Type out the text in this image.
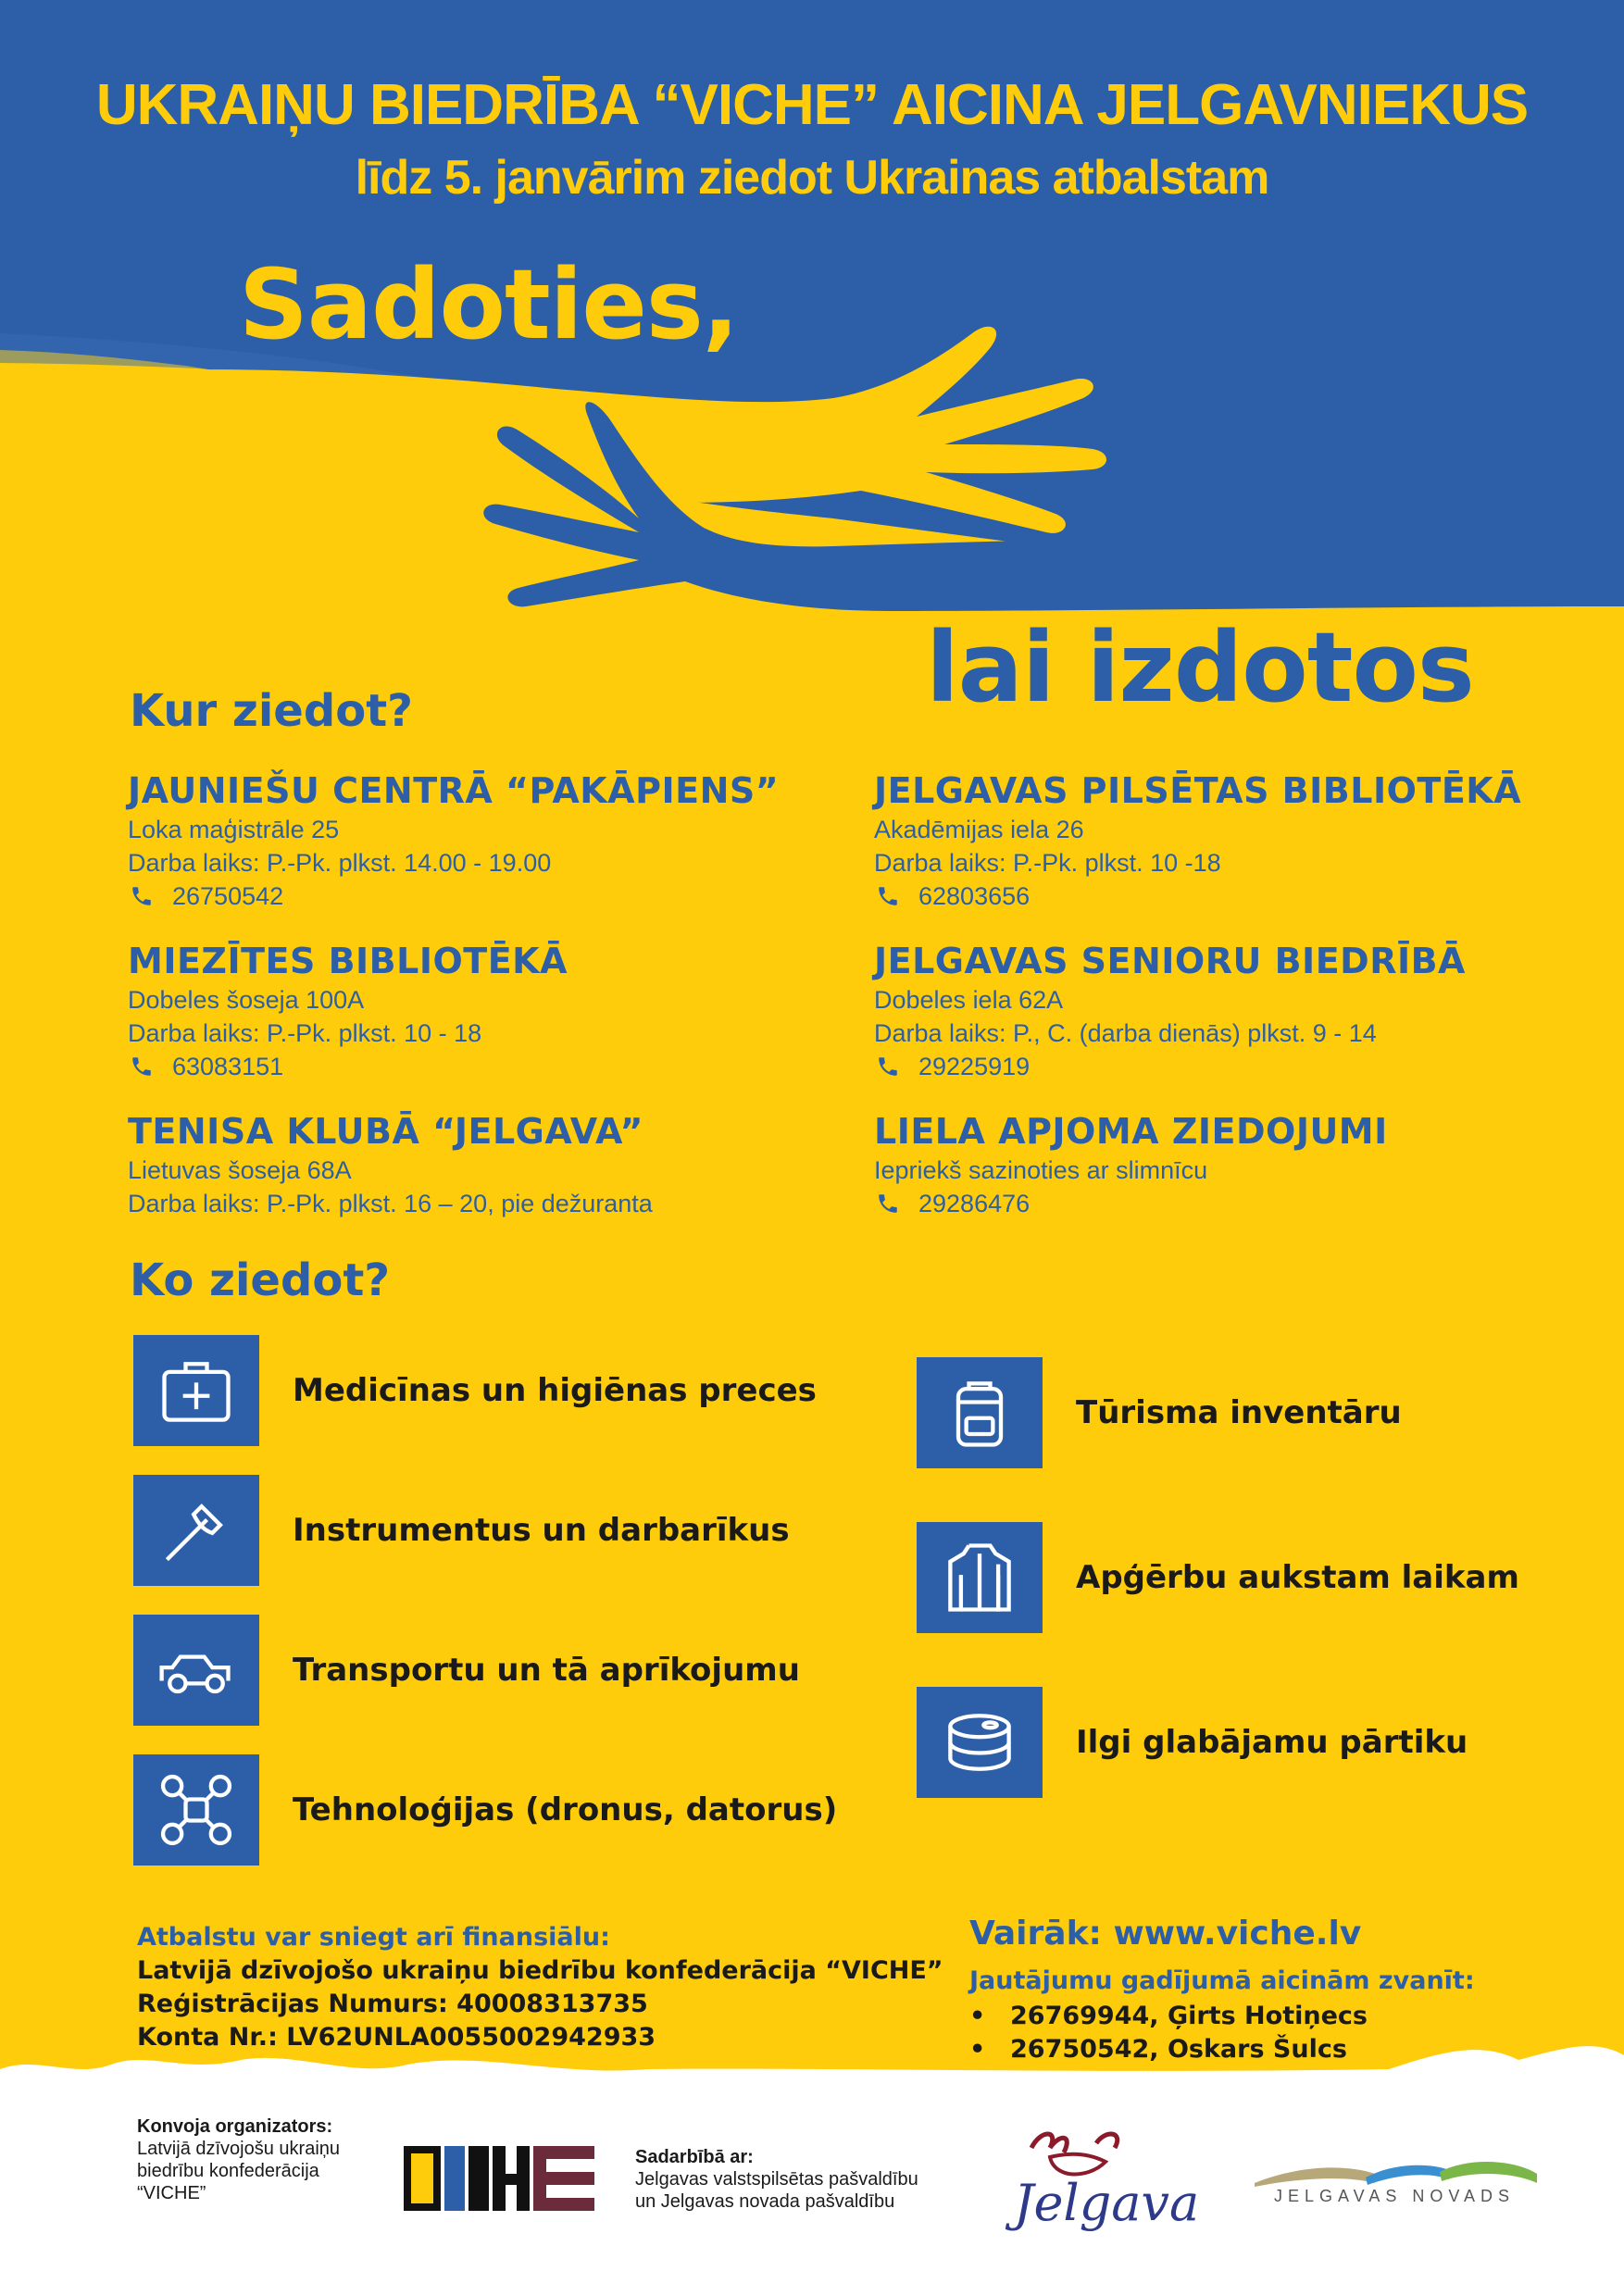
UKRAIŅU BIEDRĪBA “VICHE” AICINA JELGAVNIEKUS
līdz 5. janvārim ziedot Ukrainas atbalstam
Sadoties,
lai izdotos
Kur ziedot?
JAUNIEŠU CENTRĀ “PAKĀPIENS”
Loka maģistrāle 25
Darba laiks: P.-Pk. plkst. 14.00 - 19.00
26750542
JELGAVAS PILSĒTAS BIBLIOTĒKĀ
Akadēmijas iela 26
Darba laiks: P.-Pk. plkst. 10 -18
62803656
MIEZĪTES BIBLIOTĒKĀ
Dobeles šoseja 100A
Darba laiks: P.-Pk. plkst. 10 - 18
63083151
JELGAVAS SENIORU BIEDRĪBĀ
Dobeles iela 62A
Darba laiks: P., C. (darba dienās) plkst. 9 - 14
29225919
TENISA KLUBĀ “JELGAVA”
Lietuvas šoseja 68A
Darba laiks: P.-Pk. plkst. 16 – 20, pie dežuranta
LIELA APJOMA ZIEDOJUMI
Iepriekš sazinoties ar slimnīcu
29286476
Ko ziedot?
Medicīnas un higiēnas preces
Instrumentus un darbarīkus
Transportu un tā aprīkojumu
Tehnoloģijas (dronus, datorus)
Tūrisma inventāru
Apģērbu aukstam laikam
Ilgi glabājamu pārtiku
Atbalstu var sniegt arī finansiālu:
Latvijā dzīvojošo ukraiņu biedrību konfederācija “VICHE”
Reģistrācijas Numurs: 40008313735
Konta Nr.: LV62UNLA0055002942933
Vairāk: www.viche.lv
Jautājumu gadījumā aicinām zvanīt:
• 26769944, Ģirts Hotiņecs
• 26750542, Oskars Šulcs
Konvoja organizators:
Latvijā dzīvojošu ukraiņu
biedrību konfederācija
“VICHE”
Sadarbībā ar:
Jelgavas valstspilsētas pašvaldību
un Jelgavas novada pašvaldību	Jelgava	JELGAVAS NOVADS
